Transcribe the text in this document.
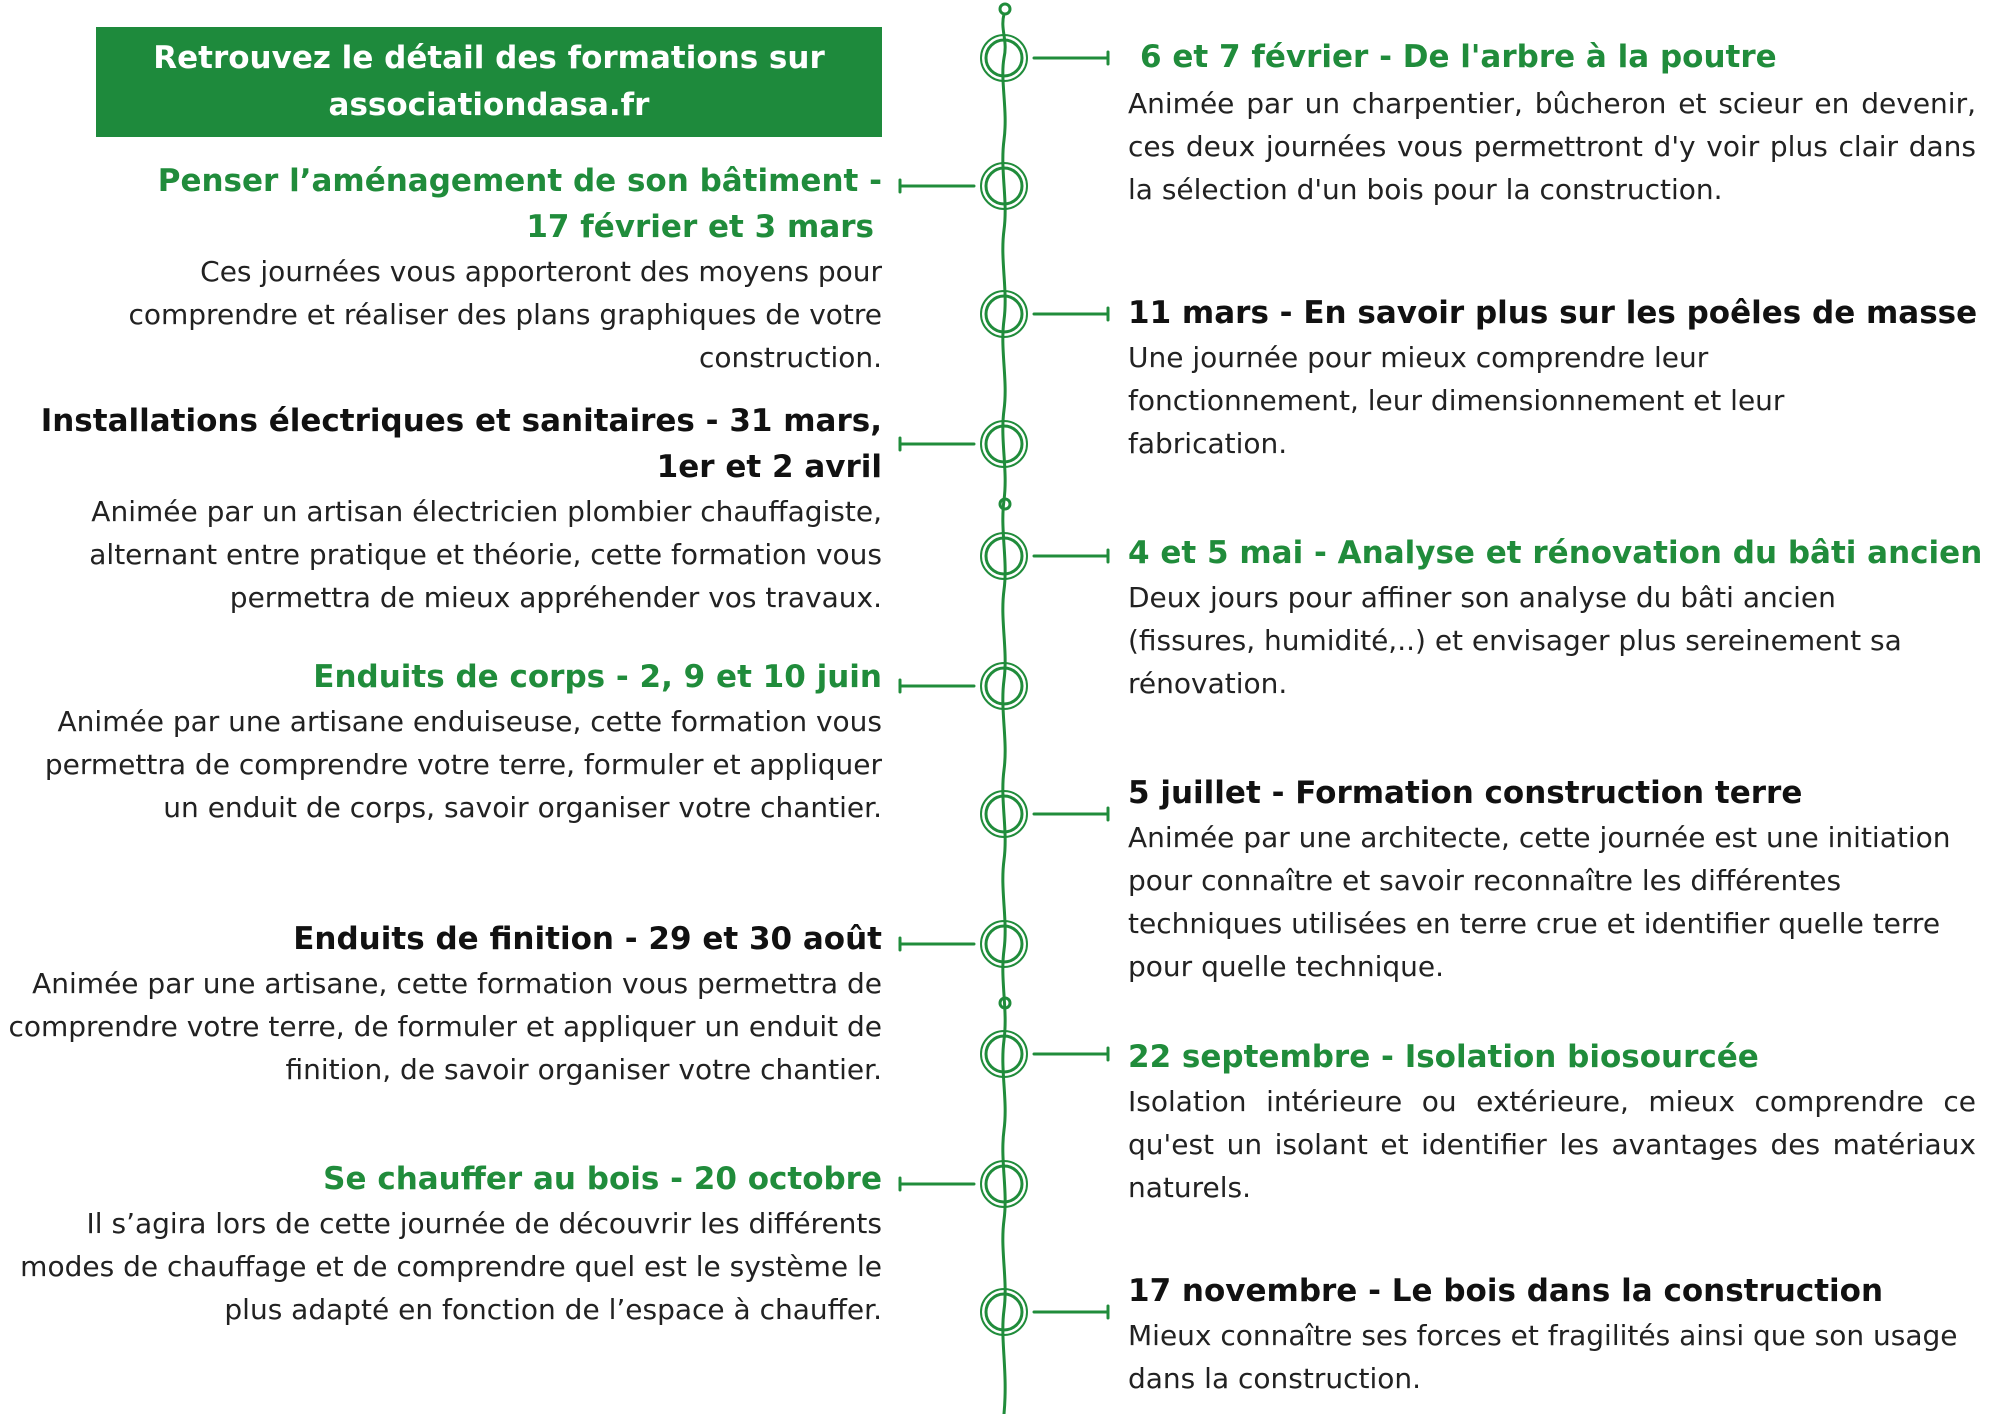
Retrouvez le détail des formations sur
associationdasa.fr
Penser l’aménagement de son bâtiment -
17 février et 3 mars
Ces journées vous apporteront des moyens pour comprendre et réaliser des plans graphiques de votre construction.
Installations électriques et sanitaires - 31 mars,
1er et 2 avril
Animée par un artisan électricien plombier chauffagiste, alternant entre pratique et théorie, cette formation vous permettra de mieux appréhender vos travaux.
Enduits de corps - 2, 9 et 10 juin
Animée par une artisane enduiseuse, cette formation vous permettra de comprendre votre terre, formuler et appliquer un enduit de corps, savoir organiser votre chantier.
Enduits de finition - 29 et 30 août
Animée par une artisane, cette formation vous permettra de comprendre votre terre, de formuler et appliquer un enduit de finition, de savoir organiser votre chantier.
Se chauffer au bois - 20 octobre
Il s’agira lors de cette journée de découvrir les différents modes de chauffage et de comprendre quel est le système le plus adapté en fonction de l’espace à chauffer.
6 et 7 février - De l'arbre à la poutre
Animée par un charpentier, bûcheron et scieur en devenir, ces deux journées vous permettront d'y voir plus clair dans la sélection d'un bois pour la construction.
11 mars - En savoir plus sur les poêles de masse
Une journée pour mieux comprendre leur fonctionnement, leur dimensionnement et leur fabrication.
4 et 5 mai - Analyse et rénovation du bâti ancien
Deux jours pour affiner son analyse du bâti ancien (fissures, humidité,..) et envisager plus sereinement sa rénovation.
5 juillet - Formation construction terre
Animée par une architecte, cette journée est une initiation pour connaître et savoir reconnaître les différentes techniques utilisées en terre crue et identifier quelle terre pour quelle technique.
22 septembre - Isolation biosourcée
Isolation intérieure ou extérieure, mieux comprendre ce qu'est un isolant et identifier les avantages des matériaux naturels.
17 novembre - Le bois dans la construction
Mieux connaître ses forces et fragilités ainsi que son usage dans la construction.
